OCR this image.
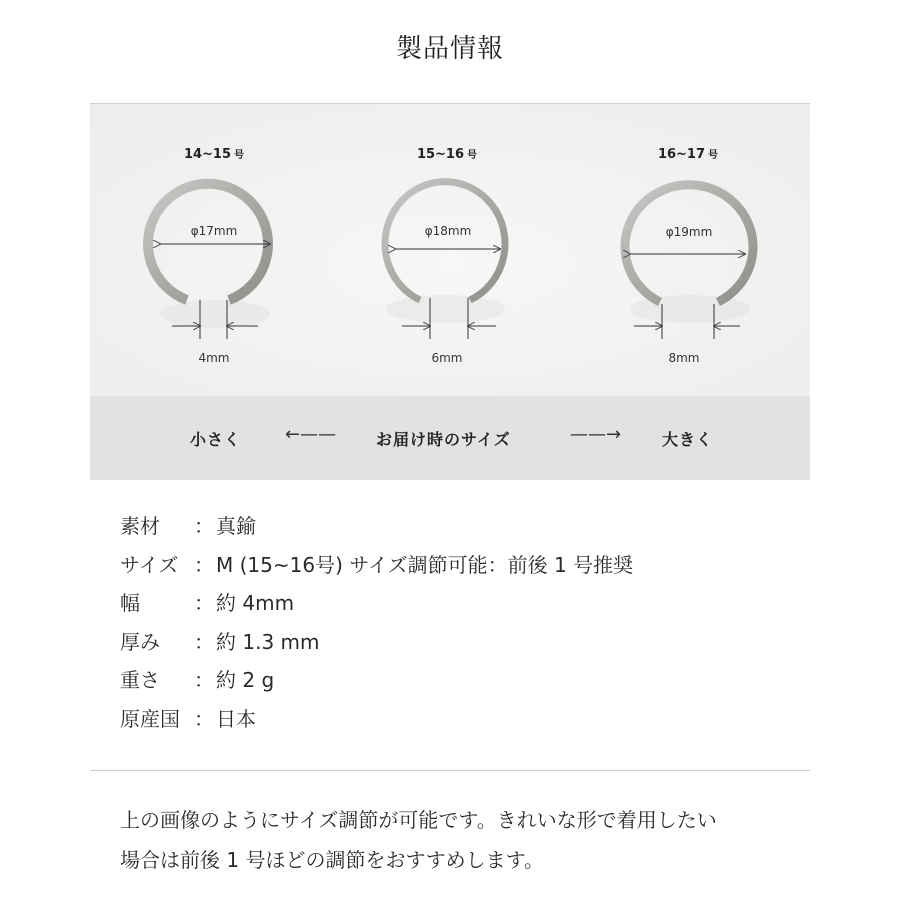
製品情報
φ17mm	φ18mm	φ19mm
4mm	6mm	8mm
14~15 号	15~16 号	16~17 号
小さく ←—— お届け時のサイズ	——→	大きく
素材 ： 真鍮
サイズ ： M (15~16号) サイズ調節可能：前後 1 号推奨
幅	： 約 4mm
厚み ： 約 1.3 mm
重さ ： 約 2 g
原産国 ： 日本
上の画像のようにサイズ調節が可能です。きれいな形で着用したい
場合は前後 1 号ほどの調節をおすすめします。
